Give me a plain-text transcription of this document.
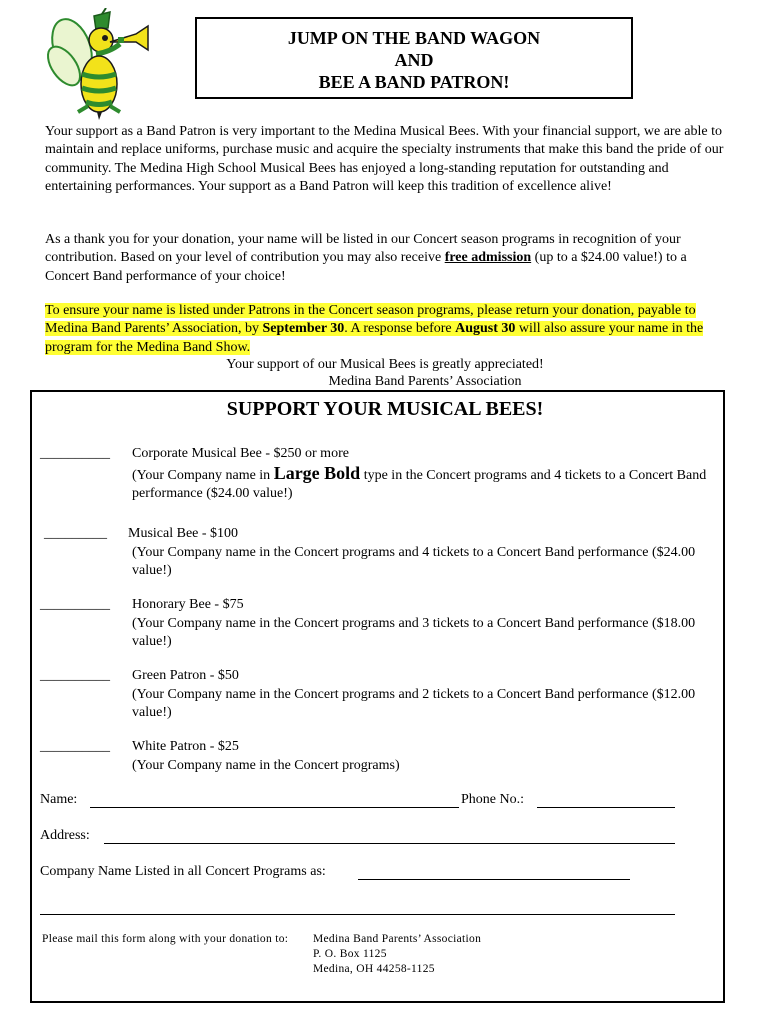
JUMP ON THE BAND WAGON
AND
BEE A BAND PATRON!
Your support as a Band Patron is very important to the Medina Musical Bees. With your financial support, we are able to maintain and replace uniforms, purchase music and acquire the specialty instruments that make this band the pride of our community. The Medina High School Musical Bees has enjoyed a long-standing reputation for outstanding and entertaining performances. Your support as a Band Patron will keep this tradition of excellence alive!
As a thank you for your donation, your name will be listed in our Concert season programs in recognition of your contribution. Based on your level of contribution you may also receive free admission (up to a $24.00 value!) to a Concert Band performance of your choice!
To ensure your name is listed under Patrons in the Concert season programs, please return your donation, payable to Medina Band Parents’ Association, by September 30. A response before August 30 will also assure your name in the program for the Medina Band Show.
Your support of our Musical Bees is greatly appreciated!
Medina Band Parents’ Association
SUPPORT YOUR MUSICAL BEES!
__________ Corporate Musical Bee - $250 or more
(Your Company name in Large Bold type in the Concert programs and 4 tickets to a Concert Band performance ($24.00 value!)
_________ Musical Bee - $100
(Your Company name in the Concert programs and 4 tickets to a Concert Band performance ($24.00 value!)
__________ Honorary Bee - $75
(Your Company name in the Concert programs and 3 tickets to a Concert Band performance ($18.00 value!)
__________ Green Patron - $50
(Your Company name in the Concert programs and 2 tickets to a Concert Band performance ($12.00 value!)
__________ White Patron - $25
(Your Company name in the Concert programs)
Name:	Phone No.:
Address:
Company Name Listed in all Concert Programs as:
Please mail this form along with your donation to: Medina Band Parents’ Association
P. O. Box 1125
Medina, OH 44258-1125
